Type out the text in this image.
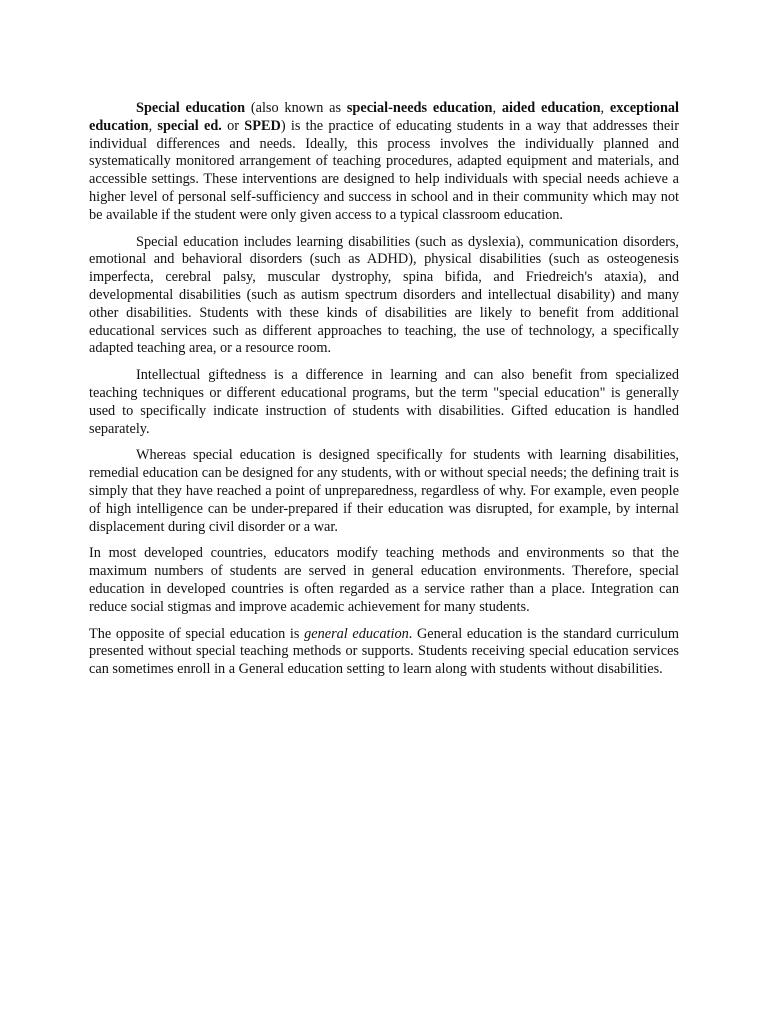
Special education (also known as special-needs education, aided education, exceptional education, special ed. or SPED) is the practice of educating students in a way that addresses their individual differences and needs. Ideally, this process involves the individually planned and systematically monitored arrangement of teaching procedures, adapted equipment and materials, and accessible settings. These interventions are designed to help individuals with special needs achieve a higher level of personal self-sufficiency and success in school and in their community which may not be available if the student were only given access to a typical classroom education.

Special education includes learning disabilities (such as dyslexia), communication disorders, emotional and behavioral disorders (such as ADHD), physical disabilities (such as osteogenesis imperfecta, cerebral palsy, muscular dystrophy, spina bifida, and Friedreich's ataxia), and developmental disabilities (such as autism spectrum disorders and intellectual disability) and many other disabilities. Students with these kinds of disabilities are likely to benefit from additional educational services such as different approaches to teaching, the use of technology, a specifically adapted teaching area, or a resource room.

Intellectual giftedness is a difference in learning and can also benefit from specialized teaching techniques or different educational programs, but the term "special education" is generally used to specifically indicate instruction of students with disabilities. Gifted education is handled separately.

Whereas special education is designed specifically for students with learning disabilities, remedial education can be designed for any students, with or without special needs; the defining trait is simply that they have reached a point of unpreparedness, regardless of why. For example, even people of high intelligence can be under-prepared if their education was disrupted, for example, by internal displacement during civil disorder or a war.

In most developed countries, educators modify teaching methods and environments so that the maximum numbers of students are served in general education environments. Therefore, special education in developed countries is often regarded as a service rather than a place. Integration can reduce social stigmas and improve academic achievement for many students.

The opposite of special education is general education. General education is the standard curriculum presented without special teaching methods or supports. Students receiving special education services can sometimes enroll in a General education setting to learn along with students without disabilities.
